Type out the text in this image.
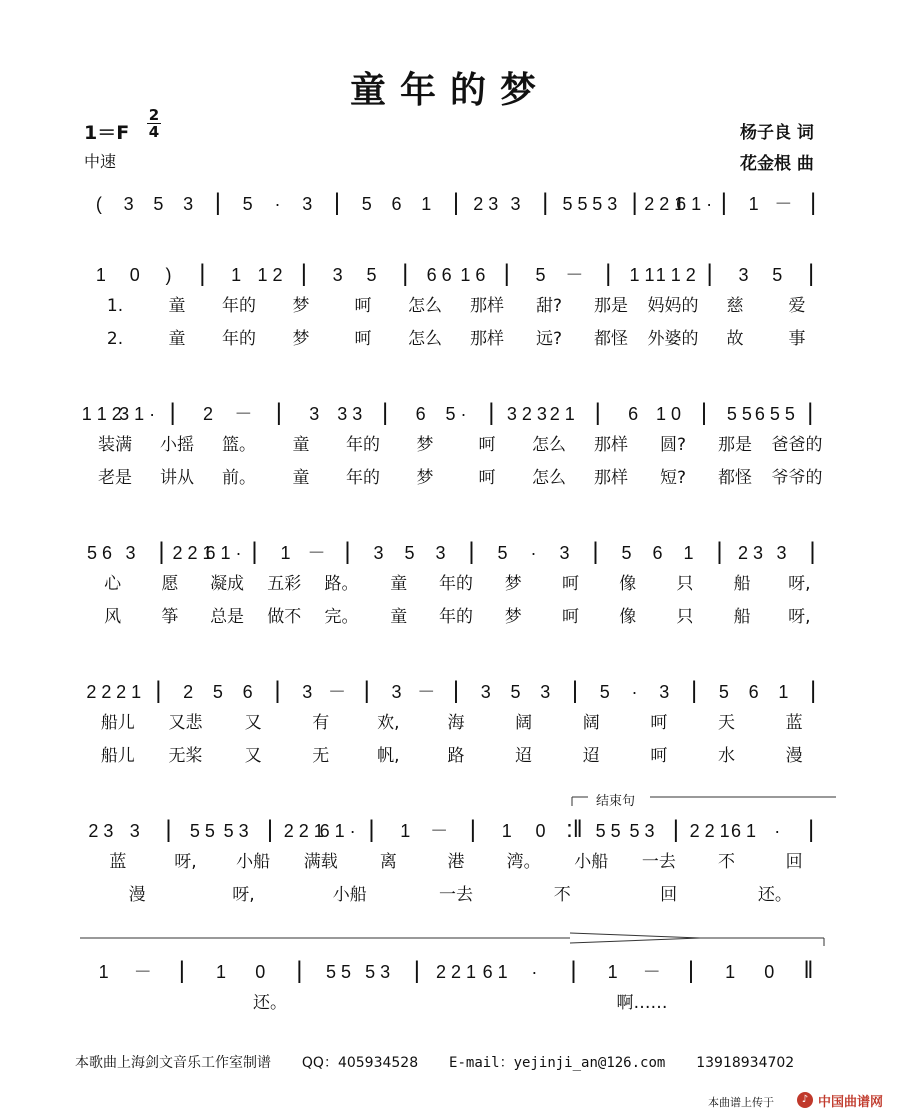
童年的梦
1＝F
2
4
中速
杨子良 词
花金根 曲
( 3 5 3 | 5 · 3 | 5 6 1 | 2 3 3 | 5 5 5 3 | 2 2 1
6 1 · | 1 － |
1 0 ) | 1 1 2 | 3 5 | 6 6 1 6 | 5 － | 1 1 1 1 2 | 3 5 |
1.	童 年的 梦	呵 怎么 那样 甜? 那是 妈妈的 慈	爱
2.	童 年的 梦	呵 怎么 那样 远? 都怪 外婆的 故	事
1 1 2
3 1 · | 2 － | 3 3 3 | 6 5 · | 3 2 3 2 1 | 6 1 0 | 5 5 6 5 5 |
装满 小摇 篮。 童 年的 梦	呵 怎么 那样 圆? 那是 爸爸的
老是 讲从 前。 童 年的 梦	呵 怎么 那样 短? 都怪 爷爷的
5 6 3 | 2 2 1
6 1 · | 1 － | 3 5 3 | 5 · 3 | 5 6 1 | 2 3 3 |
心 愿 凝成 五彩 路。 童 年的 梦 呵 像 只 船 呀,
风 筝 总是 做不 完。 童 年的 梦 呵 像 只 船 呀,
2 2 2 1 | 2 5 6 | 3 － | 3 － | 3 5 3 | 5 · 3 | 5 6 1 |
船儿 又悲 又	有	欢,	海	阔	阔	呵	天	蓝
船儿 无桨 又	无	帆,	路	迢	迢	呵	水	漫
2 3 3 | 5 5 5 3 | 2 2 1
6 1 · | 1 － | 1 0 :‖ 5 5 5 3 | 2 2 1 6 1 · |
蓝	呀, 小船 满载 离	港 湾。 小船 一去 不	回
漫	呀,	小船	一去	不	回	还。
1 － | 1 0 | 5 5 5 3 | 2 2 1 6 1 · | 1 － | 1 0 ‖
还。	啊……
结束句
本歌曲上海剑文音乐工作室制谱 QQ：405934528 E-mail：yejinji_an@126.com 13918934702
本曲谱上传于	♪ 中国曲谱网
